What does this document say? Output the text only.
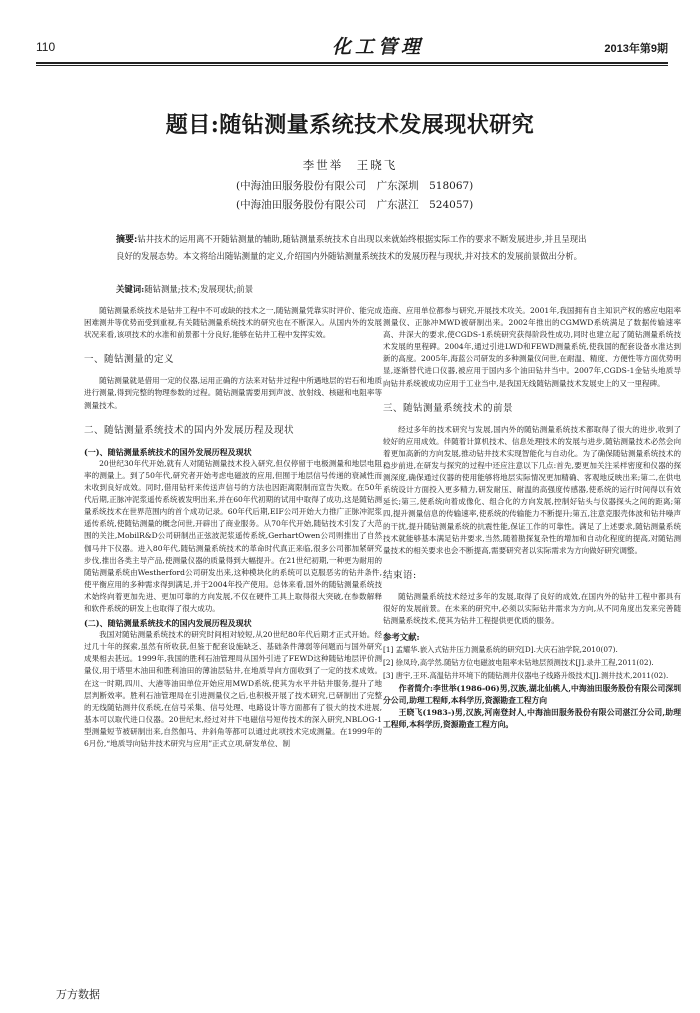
110	化工管理	2013年第9期
题目:随钻测量系统技术发展现状研究
李世举　王晓飞
(中海油田服务股份有限公司　广东深圳　518067)
(中海油田服务股份有限公司　广东湛江　524057)
摘要:钻井技术的运用离不开随钻测量的辅助,随钻测量系统技术自出现以来就始终根据实际工作的要求不断发展进步,并且呈现出良好的发展态势。本文将给出随钻测量的定义,介绍国内外随钻测量系统技术的发展历程与现状,并对技术的发展前景做出分析。
关键词:随钻测量;技术;发展现状;前景

随钻测量系统技术是钻井工程中不可或缺的技术之一,随钻测量凭靠实时评价、能完成困难测井等优势而受到重视,有关随钻测量系统技术的研究也在不断深入。从国内外的发展状况来看,该项技术的水准和前景都十分良好,能够在钻井工程中发挥实效。

一、随钻测量的定义

随钻测量就是借用一定的仪器,运用正确的方法来对钻井过程中所遇地层的岩石和地质进行测量,得到完整的物理参数的过程。随钻测量需要用到声波、放射线、核磁和电阻率等测量技术。

二、随钻测量系统技术的国内外发展历程及现状
(一)、随钻测量系统技术的国外发展历程及现状

20世纪30年代开始,就有人对随钻测量技术投入研究,但仅停留于电极测量和地层电阻率的测量上。到了50年代,研究者开始考虑电磁波的应用,但囿于地层信号传递的衰减性而未收到良好成效。同时,借用钻杆来传送声信号的方法也因距离限制而宣告失败。在50年代后期,正脉冲泥浆遥传系统被发明出来,并在60年代初期的试用中取得了成功,这是随钻测量系统技术在世界范围内的首个成功记录。60年代后期,EIF公司开始大力推广正脉冲泥浆遥传系统,使随钻测量的概念问世,开辟出了商业服务。从70年代开始,随钻技术引发了大范围的关注,MobilR&D公司研制出正弦波泥浆遥传系统,GerhartOwen公司则推出了自然伽马井下仪器。进入80年代,随钻测量系统技术的革命时代真正来临,很多公司都加紧研究步伐,推出各类主导产品,使测量仪器的质量得到大幅提升。在21世纪初期,一种更为耐用的随钻测量系统由Westherford公司研发出来,这种模块化的系统可以克服恶劣的钻井条件,使平衡应用的多种需求得到满足,并于2004年投产使用。总体来看,国外的随钻测量系统技术始终向着更加先进、更加可靠的方向发展,不仅在硬件工具上取得很大突破,在参数解释和软件系统的研发上也取得了很大成功。

(二)、随钻测量系统技术的国内发展历程及现状

我国对随钻测量系统技术的研究时间相对较短,从20世纪80年代后期才正式开始。经过几十年的探索,虽然有所收获,但鉴于配套设施缺乏、基础条件薄弱等问题而与国外研究成果相去甚远。1999年,我国的胜利石油管理局从国外引进了FEWD这种随钻地层评价测量仪,用于塔里木油田和胜利油田的薄油层钻井,在地质导向方面收到了一定的技术成效。在这一时期,四川、大港等油田单位开始应用MWD系统,使其为水平井钻井服务,提升了地层判断效率。胜利石油管理局在引进测量仪之后,也积极开展了技术研究,已研制出了完整的无线随钻测井仪系统,在信号采集、信号处理、电路设计等方面都有了很大的技术进展,基本可以取代进口仪器。20世纪末,经过对井下电磁信号短传技术的深入研究,NBLOG-1型测量短节被研制出来,自然伽马、井斜角等都可以通过此项技术完成测量。在1999年的6月份,“地质导向钻井技术研究与应用”正式立项,研发单位、制

造商、应用单位都参与研究,开展技术攻关。2001年,我国拥有自主知识产权的感应电阻率测量仪、正脉冲MWD被研制出来。2002年推出的CGMWD系统满足了数据传输速率高、井深大的要求,使CGDS-1系统研究获得阶段性成功,同时也建立起了随钻测量系统技术发展的里程碑。2004年,通过引进LWD和FEWD测量系统,使我国的配套设备水准达到新的高度。2005年,海蓝公司研发的多种测量仪问世,在耐温、精度、方便性等方面优势明显,逐渐替代进口仪器,被应用于国内多个油田钻井当中。2007年,CGDS-1金钻头地质导向钻井系统被成功应用于工业当中,是我国无线随钻测量技术发展史上的又一里程碑。

三、随钻测量系统技术的前景

经过多年的技术研究与发展,国内外的随钻测量系统技术都取得了很大的进步,收到了较好的应用成效。伴随着计算机技术、信息处理技术的发展与进步,随钻测量技术必然会向着更加高新的方向发展,推动钻井技术实现智能化与自动化。为了确保随钻测量系统技术的稳步前进,在研发与探究的过程中还应注意以下几点:首先,要更加关注采样密度和仪器的探测深度,确保通过仪器的使用能够将地层实际情况更加精确、客观地反映出来;第二,在供电系统设计方面投入更多精力,研发耐压、耐温的高强度传感器,使系统的运行时间得以有效延长;第三,使系统向着成像化、组合化的方向发展,控制好钻头与仪器探头之间的距离;第四,提升测量信息的传输速率,使系统的传输能力不断提升;第五,注意克服壳体波和钻井噪声的干扰,提升随钻测量系统的抗震性能,保证工作的可靠性。满足了上述要求,随钻测量系统技术就能够基本满足钻井要求,当然,随着勘探复杂性的增加和自动化程度的提高,对随钻测量技术的相关要求也会不断提高,需要研究者以实际需求为方向做好研究调整。

结束语:

随钻测量系统技术经过多年的发展,取得了良好的成效,在国内外的钻井工程中都具有很好的发展前景。在未来的研究中,必须以实际钻井需求为方向,从不同角度出发来完善随钻测量系统技术,使其为钻井工程提供更优质的服务。

参考文献:
[1] 孟耀华.嵌入式钻井压力测量系统的研究[D].大庆石油学院,2010(07).
[2] 徐凤玲,高学然.随钻方位电磁波电阻率未钻地层预测技术[J].录井工程,2011(02).
[3] 唐宇,王环.高温钻井环境下的随钻测井仪器电子线路升级技术[J].测井技术,2011(02).

作者简介:李世举(1986-06)男,汉族,湖北仙桃人,中海油田服务股份有限公司深圳分公司,助理工程师,本科学历,资源勘查工程方向

王晓飞(1983-)男,汉族,河南登封人,中海油田服务股份有限公司湛江分公司,助理工程师,本科学历,资源勘查工程方向。

万方数据
